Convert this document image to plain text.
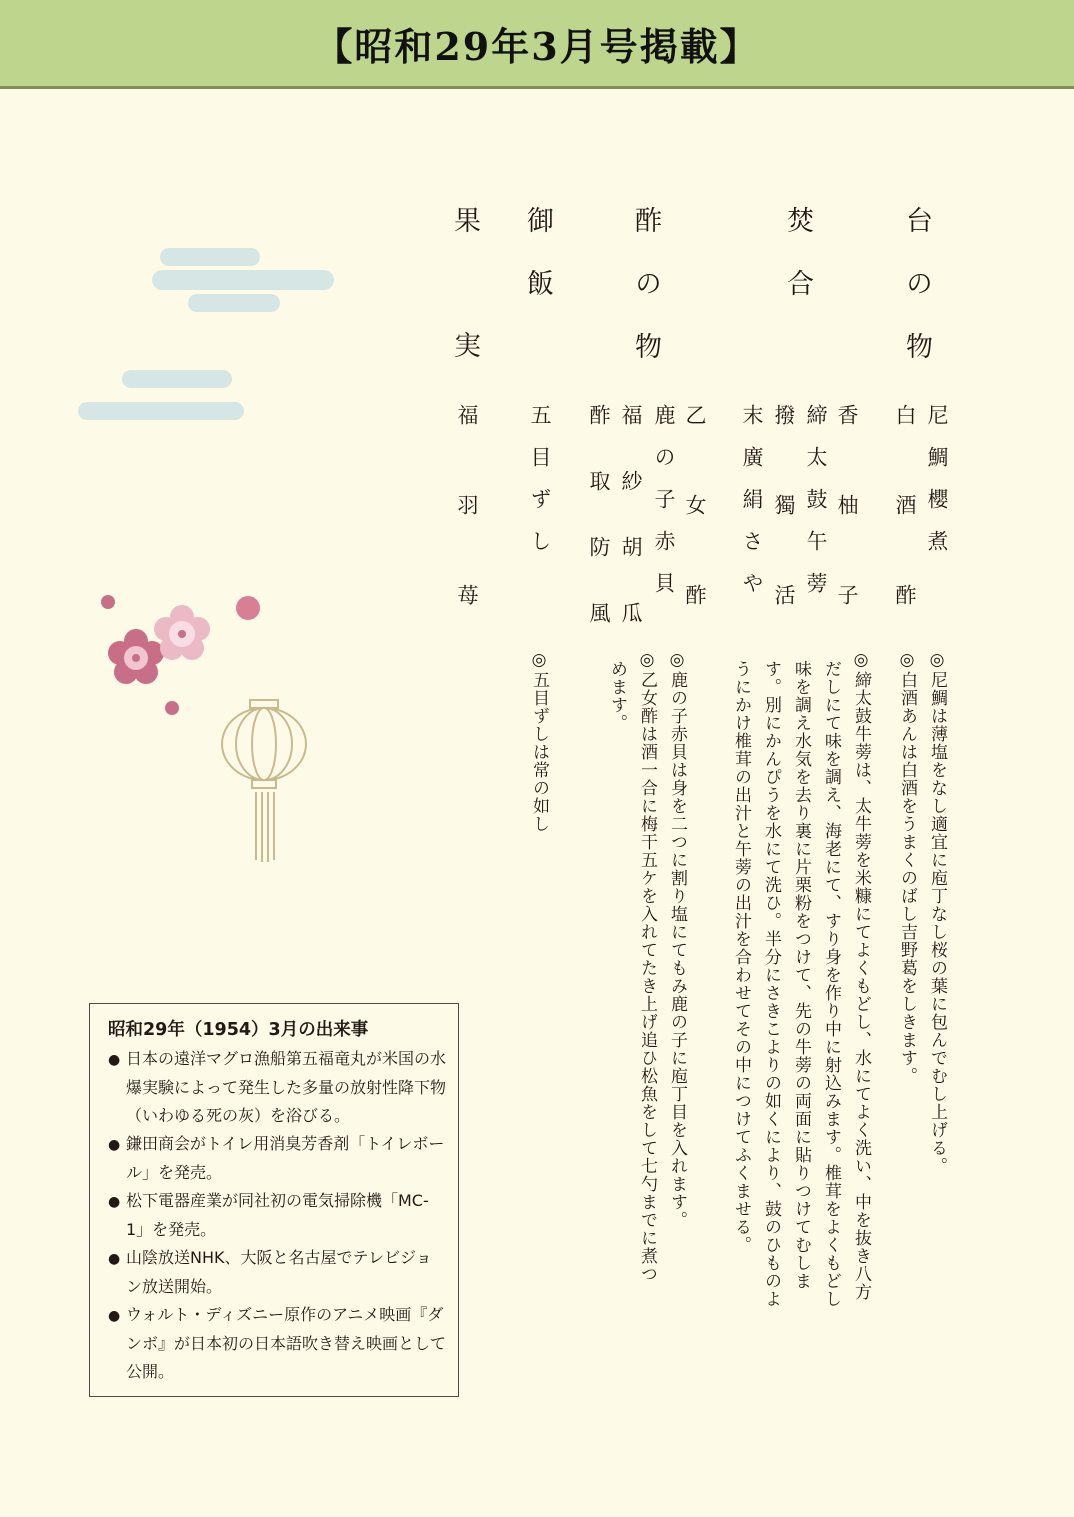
【昭和29年3月号掲載】
台の物
焚合
酢の物
御飯
果実
尼鯛櫻煮
白酒酢
香柚子
締太鼓午蒡
撥獨活
末廣絹さや
乙女酢
鹿の子赤貝
福紗胡瓜
酢取防風
五目ずし
福羽苺
◎尼鯛は薄塩をなし適宜に庖丁なし桜の葉に包んでむし上げる。
◎白酒あんは白酒をうまくのばし吉野葛をしきます。
◎締太鼓牛蒡は、太牛蒡を米糠にてよくもどし、水にてよく洗い、中を抜き八方
だしにて味を調え、海老にて、すり身を作り中に射込みます。椎茸をよくもどし
味を調え水気を去り裏に片栗粉をつけて、先の牛蒡の両面に貼りつけてむしま
す。別にかんぴうを水にて洗ひ。半分にさきこよりの如くにより、鼓のひものよ
うにかけ椎茸の出汁と午蒡の出汁を合わせてその中につけてふくませる。
◎鹿の子赤貝は身を二つに割り塩にてもみ鹿の子に庖丁目を入れます。
◎乙女酢は酒一合に梅干五ケを入れてたき上げ追ひ松魚をして七勺までに煮つ
めます。
◎五目ずしは常の如し
昭和29年（1954）3月の出来事
● 日本の遠洋マグロ漁船第五福竜丸が米国の水爆実験によって発生した多量の放射性降下物（いわゆる死の灰）を浴びる。
● 鎌田商会がトイレ用消臭芳香剤「トイレボール」を発売。
● 松下電器産業が同社初の電気掃除機「MC-1」を発売。
● 山陰放送NHK、大阪と名古屋でテレビジョン放送開始。
● ウォルト・ディズニー原作のアニメ映画『ダンボ』が日本初の日本語吹き替え映画として公開。
